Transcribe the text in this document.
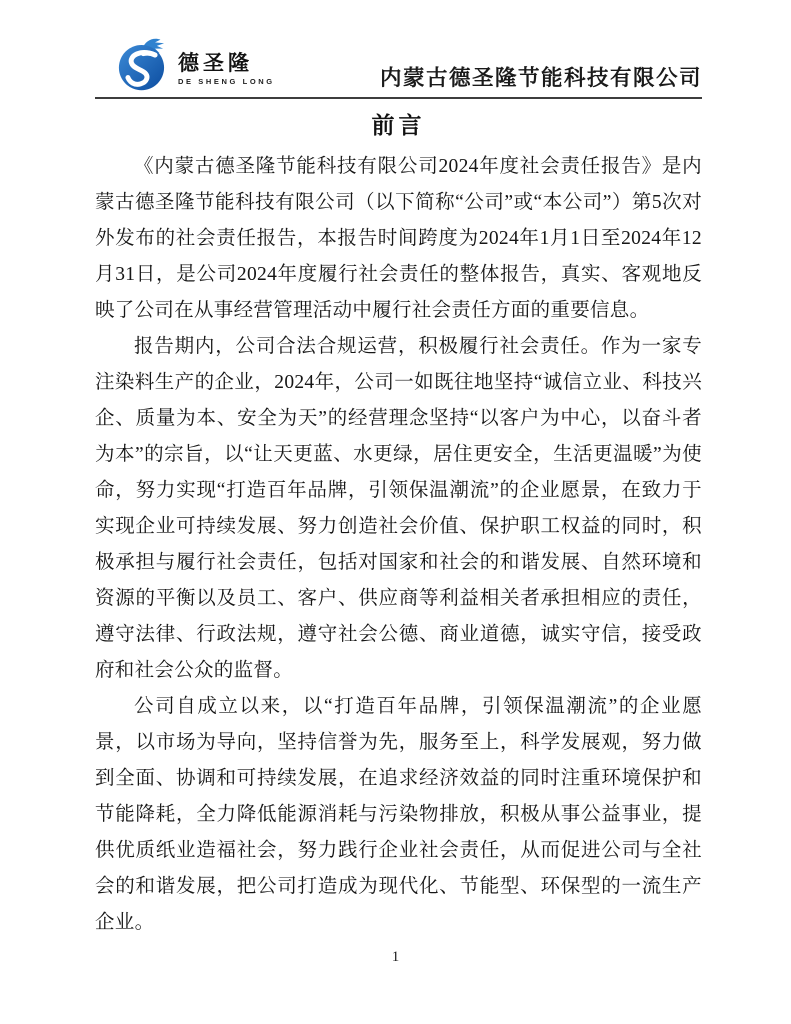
德圣隆
DE SHENG LONG	内蒙古德圣隆节能科技有限公司
前言

《内蒙古德圣隆节能科技有限公司2024年度社会责任报告》是内蒙古德圣隆节能科技有限公司（以下简称“公司”或“本公司”）第5次对外发布的社会责任报告，本报告时间跨度为2024年1月1日至2024年12月31日，是公司2024年度履行社会责任的整体报告，真实、客观地反映了公司在从事经营管理活动中履行社会责任方面的重要信息。

报告期内，公司合法合规运营，积极履行社会责任。作为一家专注染料生产的企业，2024年，公司一如既往地坚持“诚信立业、科技兴企、质量为本、安全为天”的经营理念坚持“以客户为中心，以奋斗者为本”的宗旨，以“让天更蓝、水更绿，居住更安全，生活更温暖”为使命，努力实现“打造百年品牌，引领保温潮流”的企业愿景，在致力于实现企业可持续发展、努力创造社会价值、保护职工权益的同时，积极承担与履行社会责任，包括对国家和社会的和谐发展、自然环境和资源的平衡以及员工、客户、供应商等利益相关者承担相应的责任，遵守法律、行政法规，遵守社会公德、商业道德，诚实守信，接受政府和社会公众的监督。

公司自成立以来，以“打造百年品牌，引领保温潮流”的企业愿景，以市场为导向，坚持信誉为先，服务至上，科学发展观，努力做到全面、协调和可持续发展，在追求经济效益的同时注重环境保护和节能降耗，全力降低能源消耗与污染物排放，积极从事公益事业，提供优质纸业造福社会，努力践行企业社会责任，从而促进公司与全社会的和谐发展，把公司打造成为现代化、节能型、环保型的一流生产企业。

1
